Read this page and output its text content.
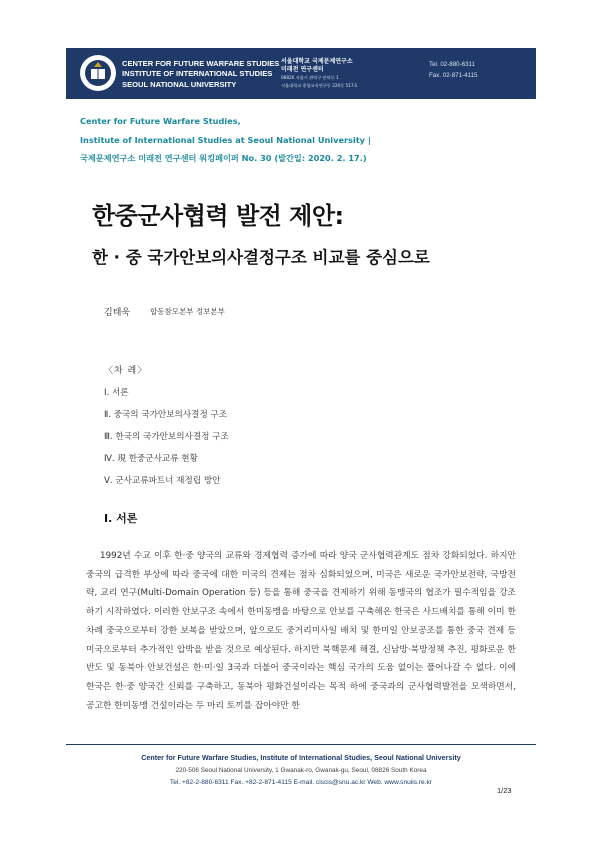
CENTER FOR FUTURE WARFARE STUDIES
INSTITUTE OF INTERNATIONAL STUDIES
SEOUL NATIONAL UNIVERSITY
서울대학교 국제문제연구소
미래전 연구센터
08826 서울시 관악구 관악로 1
서울대학교 종합교육연구동 220동 517호
Tel. 02-880-6311
Fax. 02-871-4115
Center for Future Warfare Studies,
Institute of International Studies at Seoul National University |
국제문제연구소 미래전 연구센터 워킹페이퍼 No. 30 (발간일: 2020. 2. 17.)
한중군사협력 발전 제안:
한 · 중 국가안보의사결정구조 비교를 중심으로
김태욱	합동참모본부 정보본부
〈차 례〉
Ⅰ. 서론
Ⅱ. 중국의 국가안보의사결정 구조
Ⅲ. 한국의 국가안보의사결정 구조
Ⅳ. 現 한중군사교류 현황
Ⅴ. 군사교류파트너 재정립 방안
Ⅰ. 서론

1992년 수교 이후 한·중 양국의 교류와 경제협력 증가에 따라 양국 군사협력관계도 점차 강화되었다. 하지만 중국의 급격한 부상에 따라 중국에 대한 미국의 견제는 점차 심화되었으며, 미국은 새로운 국가안보전략, 국방전략, 교리 연구(Multi-Domain Operation 등) 등을 통해 중국을 견제하기 위해 동맹국의 협조가 필수적임을 강조하기 시작하였다. 이러한 안보구조 속에서 한미동맹을 바탕으로 안보를 구축해온 한국은 사드배치를 통해 이미 한차례 중국으로부터 강한 보복을 받았으며, 앞으로도 중거리미사일 배치 및 한미일 안보공조를 통한 중국 견제 등 미국으로부터 추가적인 압박을 받을 것으로 예상된다. 하지만 북핵문제 해결, 신남방·북방정책 추진, 평화로운 한반도 및 동북아 안보건설은 한·미·일 3국과 더불어 중국이라는 핵심 국가의 도움 없이는 풀어나갈 수 없다. 이에 한국은 한·중 양국간 신뢰를 구축하고, 동북아 평화건설이라는 목적 하에 중국과의 군사협력발전을 모색하면서, 공고한 한미동맹 건설이라는 두 마리 토끼를 잡아야만 한

Center for Future Warfare Studies, Institute of International Studies, Seoul National University
220-506 Seoul National University, 1 Gwanak-ro, Gwanak-gu, Seoul, 08826 South Korea
Tel. +82-2-880-6311 Fax. +82-2-871-4115 E-mail. ciscis@snu.ac.kr Web. www.snuiis.re.kr
1/23
